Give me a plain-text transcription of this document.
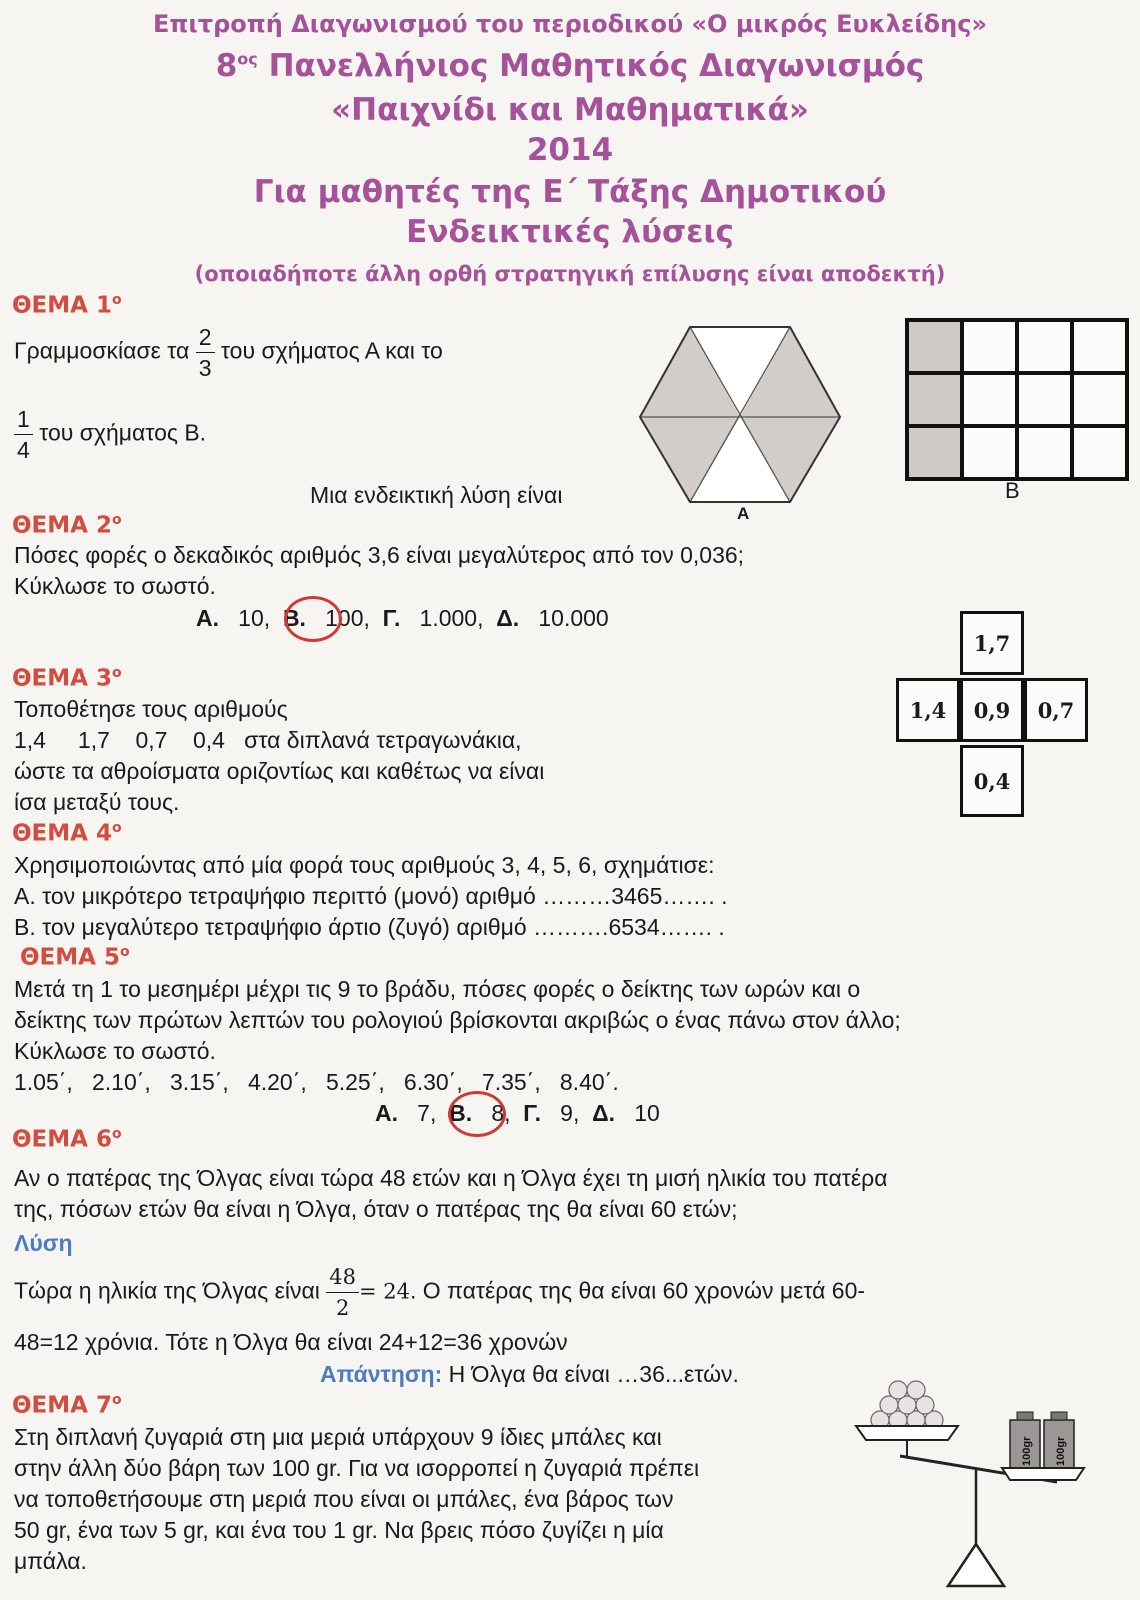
Επιτροπή Διαγωνισμού του περιοδικού «Ο μικρός Ευκλείδης»
$8^{o\varsigma}$ Πανελλήνιος Μαθητικός Διαγωνισμός
«Παιχνίδι και Μαθηματικά»
2014
Για μαθητές της Ε΄ Τάξης Δημοτικού
Ενδεικτικές λύσεις
(οποιαδήποτε άλλη ορθή στρατηγική επίλυσης είναι αποδεκτή)
ΘΕΜΑ $1^o$
Γραμμοσκίασε τα $\frac{2}{3}$ του σχήματος Α και το
$\frac{1}{4}$ του σχήματος Β.
Μια ενδεικτική λύση είναι
A
B
ΘΕΜΑ $2^o$
Πόσες φορές ο δεκαδικός αριθμός 3,6 είναι μεγαλύτερος από τον 0,036;
Κύκλωσε το σωστό.
Α. 10, Β. 100, Γ. 1.000, Δ. 10.000
1,7
1,4	0,9	0,7
0,4
ΘΕΜΑ $3^o$
Τοποθέτησε τους αριθμούς
1,4     1,7    0,7    0,4   στα διπλανά τετραγωνάκια,
ώστε τα αθροίσματα οριζοντίως και καθέτως να είναι
ίσα μεταξύ τους.
ΘΕΜΑ $4^o$
Χρησιμοποιώντας από μία φορά τους αριθμούς 3, 4, 5, 6, σχημάτισε:
Α. τον μικρότερο τετραψήφιο περιττό (μονό) αριθμό ………3465……. .
Β. τον μεγαλύτερο τετραψήφιο άρτιο (ζυγό) αριθμό ……….6534……. .
ΘΕΜΑ $5^o$
Μετά τη 1 το μεσημέρι μέχρι τις 9 το βράδυ, πόσες φορές ο δείκτης των ωρών και ο
δείκτης των πρώτων λεπτών του ρολογιού βρίσκονται ακριβώς ο ένας πάνω στον άλλο;
Κύκλωσε το σωστό.
1.05΄,   2.10΄,   3.15΄,   4.20΄,   5.25΄,   6.30΄,   7.35΄,   8.40΄.
Α. 7, Β. 8, Γ. 9, Δ. 10
ΘΕΜΑ $6^o$
Αν ο πατέρας της Όλγας είναι τώρα 48 ετών και η Όλγα έχει τη μισή ηλικία του πατέρα
της, πόσων ετών θα είναι η Όλγα, όταν ο πατέρας της θα είναι 60 ετών;
Λύση
Τώρα η ηλικία της Όλγας είναι $\frac{48}{2} = 24$. Ο πατέρας της θα είναι 60 χρονών μετά 60-
48=12 χρόνια. Τότε η Όλγα θα είναι 24+12=36 χρονών
Απάντηση: Η Όλγα θα είναι …36...ετών.
ΘΕΜΑ $7^o$
Στη διπλανή ζυγαριά στη μια μεριά υπάρχουν 9 ίδιες μπάλες και
στην άλλη δύο βάρη των 100 gr. Για να ισορροπεί η ζυγαριά πρέπει
να τοποθετήσουμε στη μεριά που είναι οι μπάλες, ένα βάρος των
50 gr, ένα των 5 gr, και ένα του 1 gr. Να βρεις πόσο ζυγίζει η μία
μπάλα.
100gr 100gr
